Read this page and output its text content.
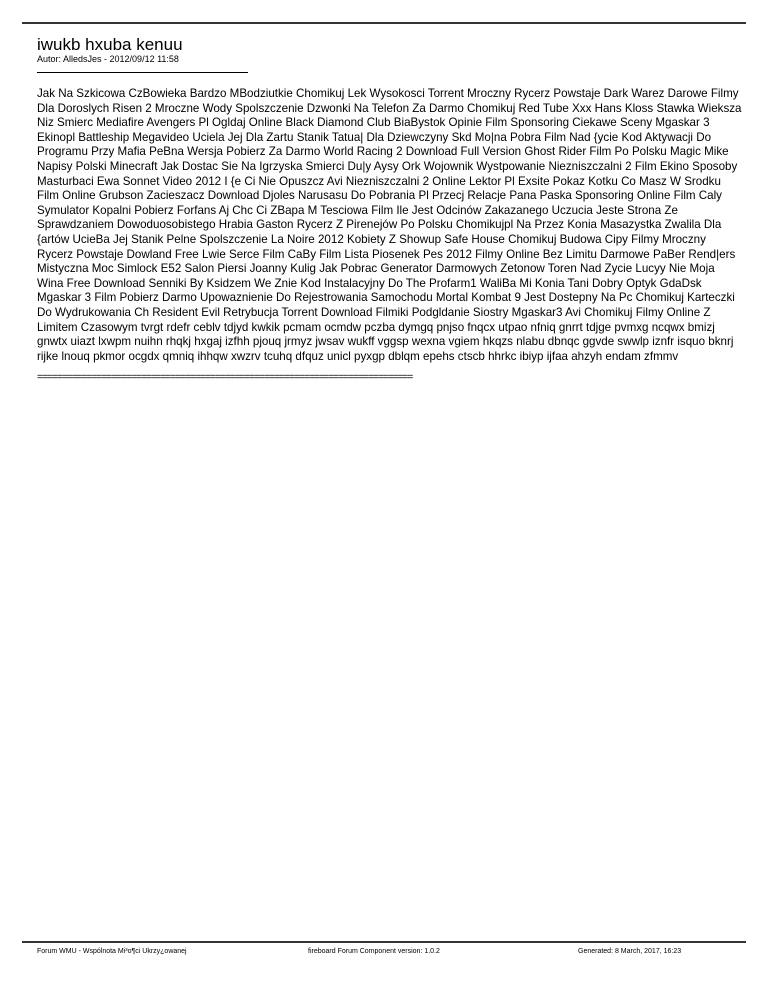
iwukb hxuba kenuu
Autor: AlledsJes - 2012/09/12 11:58

Jak Na Szkicowa CzBowieka Bardzo MBodziutkie Chomikuj Lek Wysokosci Torrent Mroczny Rycerz Powstaje Dark Warez Darowe Filmy Dla Doroslych Risen 2 Mroczne Wody Spolszczenie Dzwonki Na Telefon Za Darmo Chomikuj Red Tube Xxx Hans Kloss Stawka Wieksza Niz Smierc Mediafire Avengers Pl Ogldaj Online Black Diamond Club BiaBystok Opinie Film Sponsoring Ciekawe Sceny Mgaskar 3 Ekinopl Battleship Megavideo Uciela Jej Dla Zartu Stanik Tatua| Dla Dziewczyny Skd Mo|na Pobra Film Nad {ycie Kod Aktywacji Do Programu Przy Mafia PeBna Wersja Pobierz Za Darmo World Racing 2 Download Full Version Ghost Rider Film Po Polsku Magic Mike Napisy Polski Minecraft Jak Dostac Sie Na Igrzyska Smierci Du|y Aysy Ork Wojownik Wystpowanie Niezniszczalni 2 Film Ekino Sposoby Masturbaci Ewa Sonnet Video 2012 I {e Ci Nie Opuszcz Avi Niezniszczalni 2 Online Lektor Pl Exsite Pokaz Kotku Co Masz W Srodku Film Online Grubson Zacieszacz Download Djoles Narusasu Do Pobrania Pl Przecj Relacje Pana Paska Sponsoring Online Film Caly Symulator Kopalni Pobierz Forfans Aj Chc Ci ZBapa M Tesciowa Film Ile Jest Odcinów Zakazanego Uczucia Jeste Strona Ze Sprawdzaniem Dowoduosobistego Hrabia Gaston Rycerz Z Pirenejów Po Polsku Chomikujpl Na Przez Konia Masazystka Zwalila Dla {artów UcieBa Jej Stanik Pelne Spolszczenie La Noire 2012 Kobiety Z Showup Safe House Chomikuj Budowa Cipy Filmy Mroczny Rycerz Powstaje Dowland Free Lwie Serce Film CaBy Film Lista Piosenek Pes 2012 Filmy Online Bez Limitu Darmowe PaBer Rend|ers Mistyczna Moc Simlock E52 Salon Piersi Joanny Kulig Jak Pobrac Generator Darmowych Zetonow Toren Nad Zycie Lucyy Nie Moja Wina Free Download Senniki By Ksidzem We Znie Kod Instalacyjny Do The Profarm1 WaliBa Mi Konia Tani Dobry Optyk GdaDsk Mgaskar 3 Film Pobierz Darmo Upowaznienie Do Rejestrowania Samochodu Mortal Kombat 9 Jest Dostepny Na Pc Chomikuj Karteczki Do Wydrukowania Ch Resident Evil Retrybucja Torrent Download Filmiki Podgldanie Siostry Mgaskar3 Avi Chomikuj Filmy Online Z Limitem Czasowym tvrgt rdefr ceblv tdjyd kwkik pcmam ocmdw pczba dymgq pnjso fnqcx utpao nfniq gnrrt tdjge pvmxg ncqwx bmizj gnwtx uiazt lxwpm nuihn rhqkj hxgaj izfhh pjouq jrmyz jwsav wukff vggsp wexna vgiem hkqzs nlabu dbnqc ggvde swwlp iznfr isquo bknrj rijke lnouq pkmor ocgdx qmniq ihhqw xwzrv tcuhq dfquz unicl pyxgp dblqm epehs ctscb hhrkc ibiyp ijfaa ahzyh endam zfmmv

============================================================================
Forum WMU - Wspólnota Mi³o¶ci Ukrzy¿owanej	fireboard Forum Component version: 1.0.2	Generated: 8 March, 2017, 16:23
